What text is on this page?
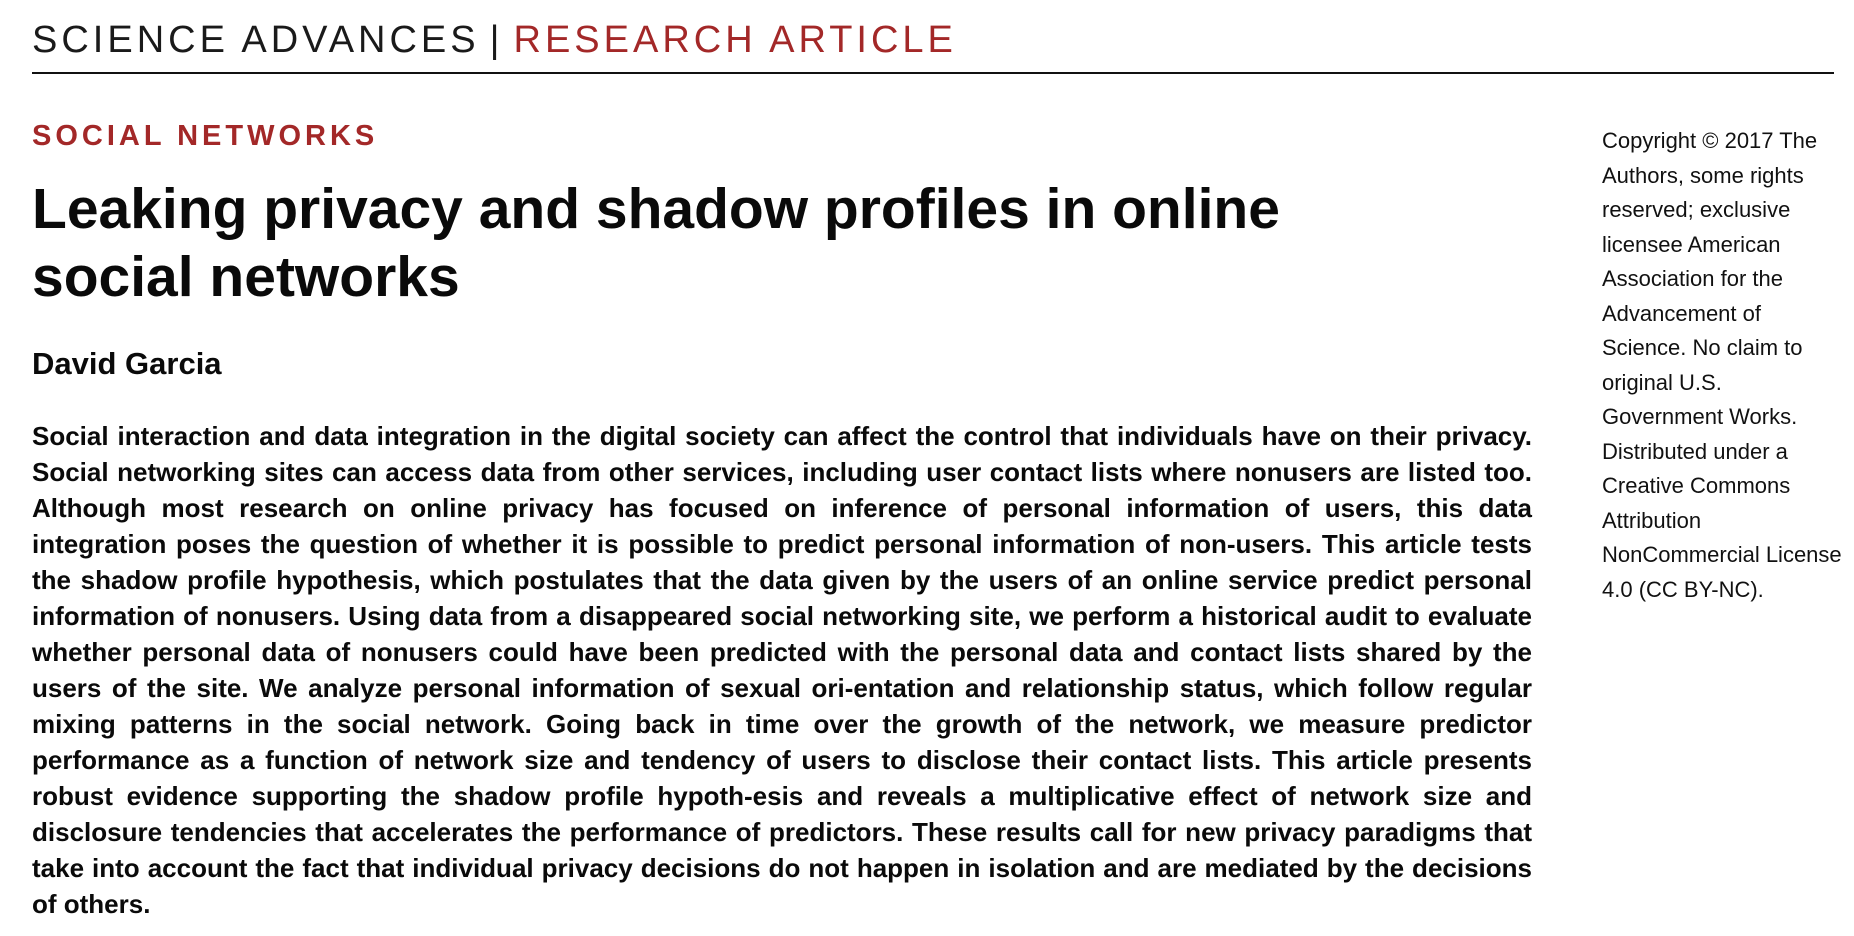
SCIENCE ADVANCES | RESEARCH ARTICLE
SOCIAL NETWORKS
Leaking privacy and shadow profiles in online social networks
David Garcia

Social interaction and data integration in the digital society can affect the control that individuals have on their privacy. Social networking sites can access data from other services, including user contact lists where nonusers are listed too. Although most research on online privacy has focused on inference of personal information of users, this data integration poses the question of whether it is possible to predict personal information of non-users. This article tests the shadow profile hypothesis, which postulates that the data given by the users of an online service predict personal information of nonusers. Using data from a disappeared social networking site, we perform a historical audit to evaluate whether personal data of nonusers could have been predicted with the personal data and contact lists shared by the users of the site. We analyze personal information of sexual ori-entation and relationship status, which follow regular mixing patterns in the social network. Going back in time over the growth of the network, we measure predictor performance as a function of network size and tendency of users to disclose their contact lists. This article presents robust evidence supporting the shadow profile hypoth-esis and reveals a multiplicative effect of network size and disclosure tendencies that accelerates the performance of predictors. These results call for new privacy paradigms that take into account the fact that individual privacy decisions do not happen in isolation and are mediated by the decisions of others.

Copyright © 2017 The Authors, some rights reserved; exclusive licensee American Association for the Advancement of Science. No claim to original U.S. Government Works. Distributed under a Creative Commons Attribution NonCommercial License 4.0 (CC BY-NC).
